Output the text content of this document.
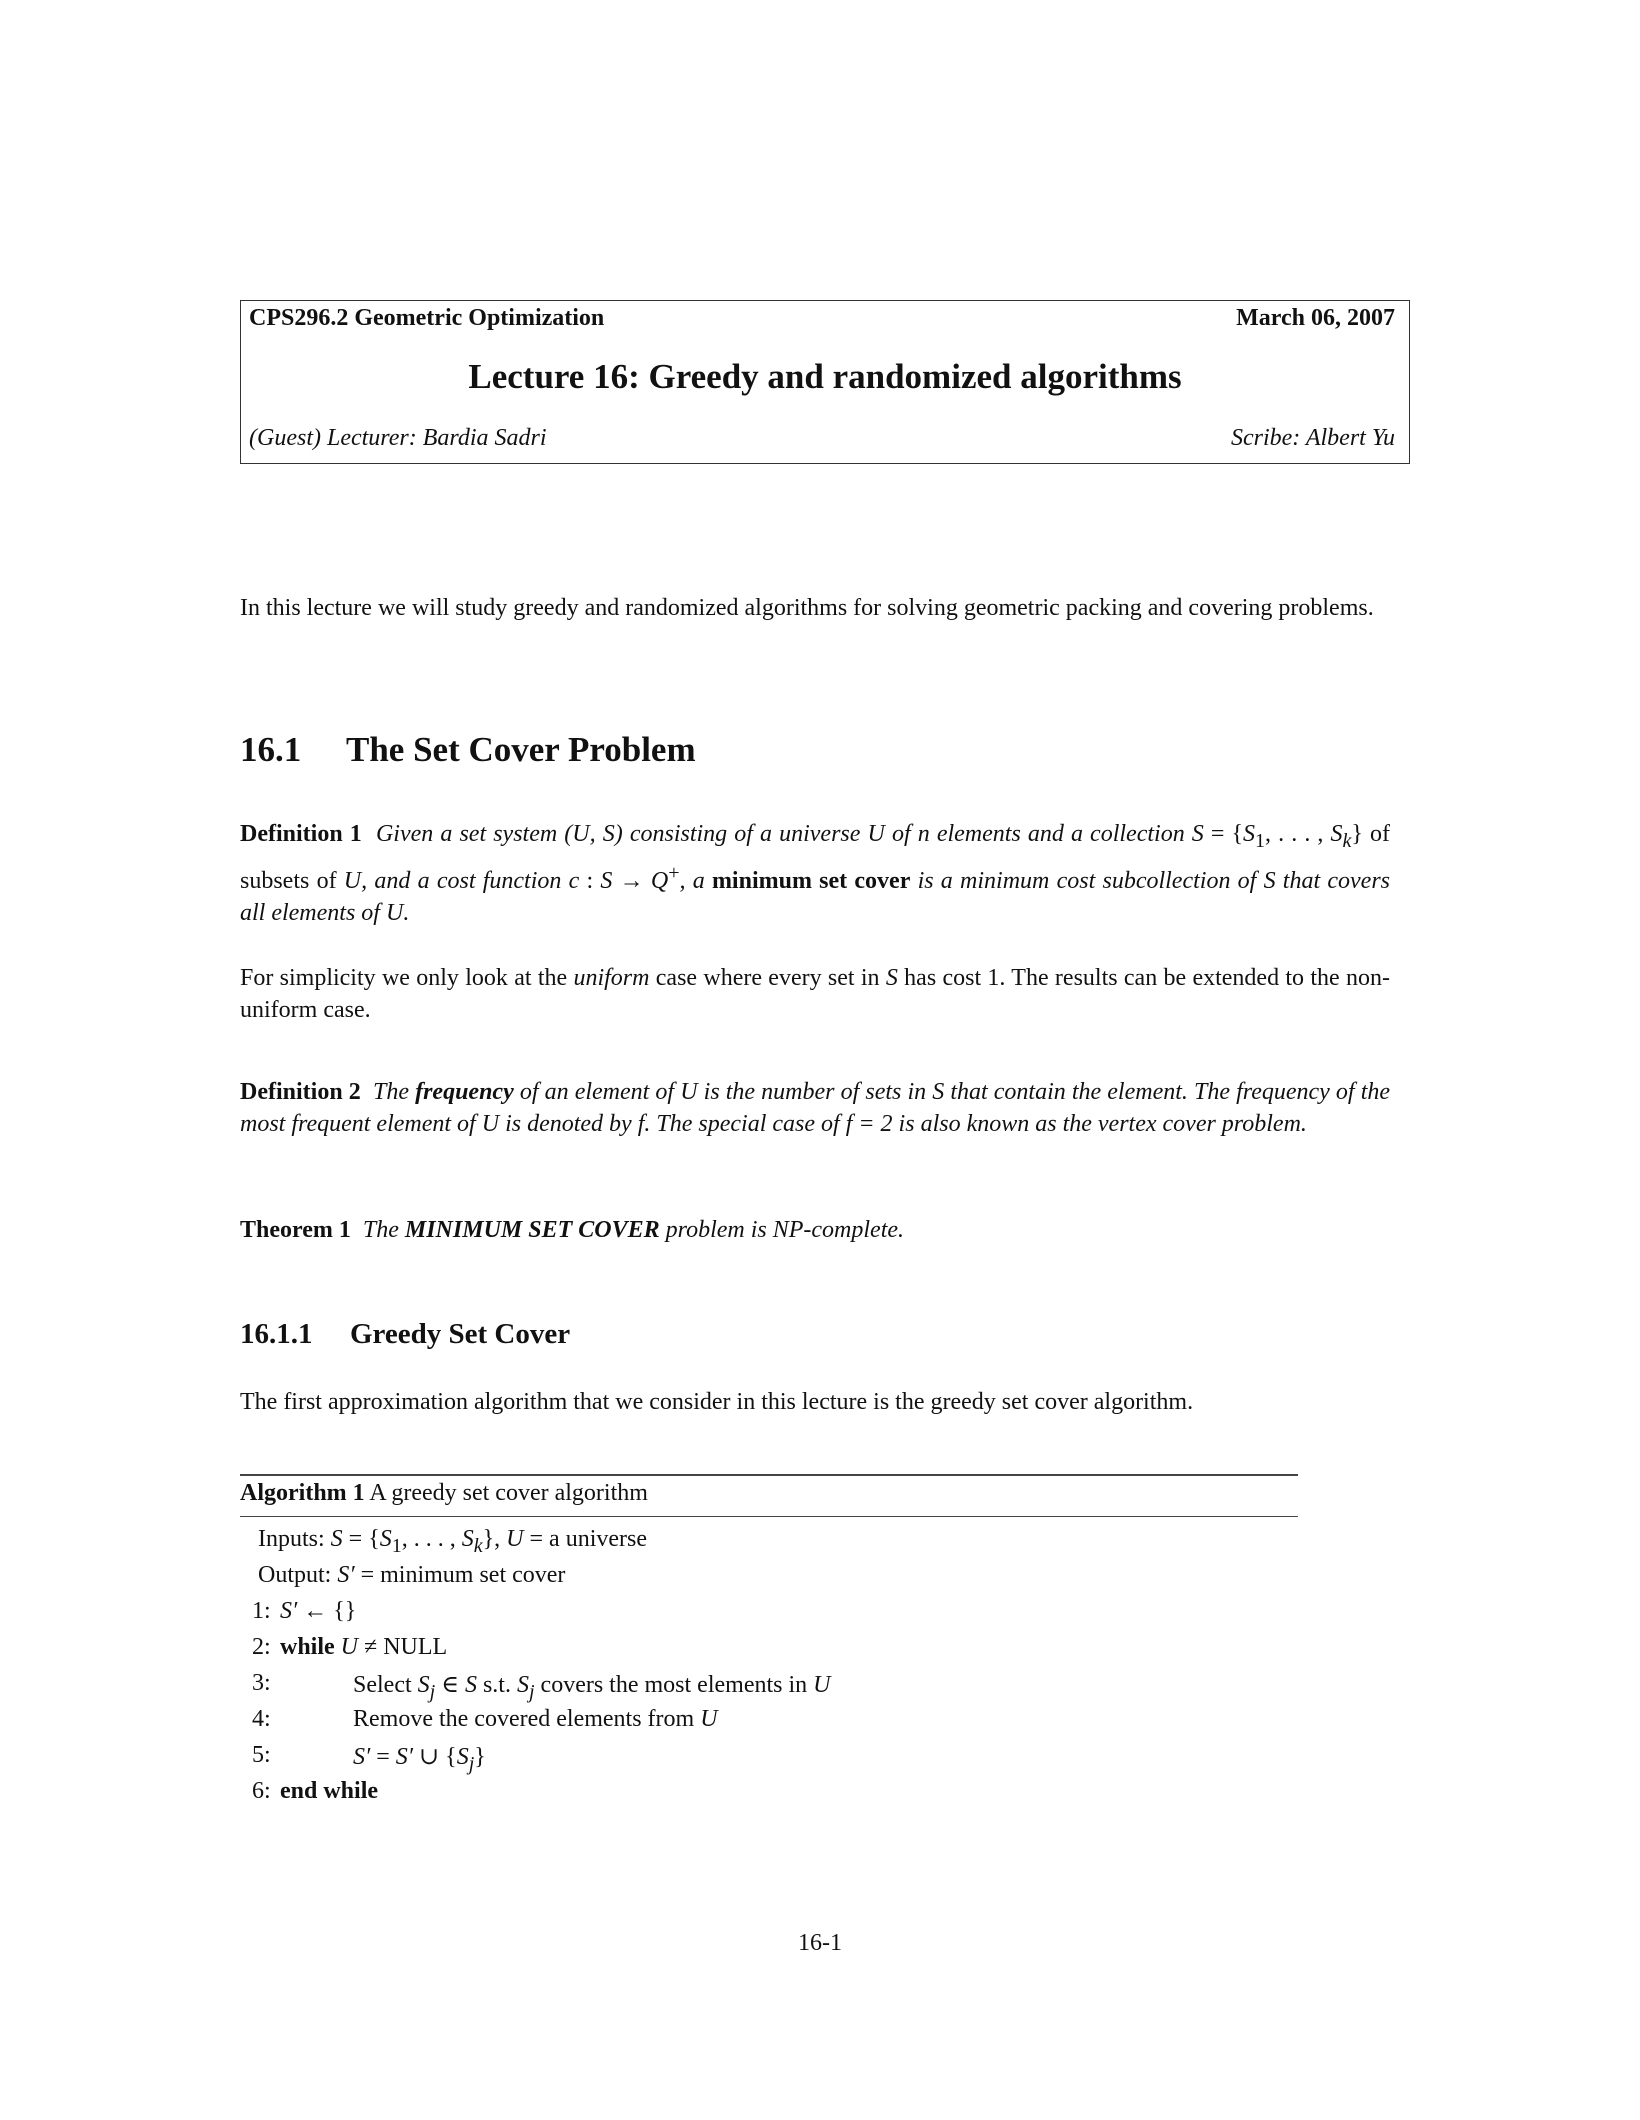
CPS296.2 Geometric Optimization	March 06, 2007
Lecture 16: Greedy and randomized algorithms
(Guest) Lecturer: Bardia Sadri	Scribe: Albert Yu
In this lecture we will study greedy and randomized algorithms for solving geometric packing and covering problems.
16.1 The Set Cover Problem
Definition 1 Given a set system (U, S) consisting of a universe U of n elements and a collection $S = \{S_1$, . . . , $S_k$} of subsets of U, and a cost function c : S → Q+, a minimum set cover is a minimum cost subcollection of S that covers all elements of U.
For simplicity we only look at the uniform case where every set in S has cost 1. The results can be extended to the non-uniform case.
Definition 2 The frequency of an element of U is the number of sets in S that contain the element. The frequency of the most frequent element of U is denoted by f. The special case of f = 2 is also known as the vertex cover problem.
Theorem 1 The MINIMUM SET COVER problem is NP-complete.
16.1.1 Greedy Set Cover
The first approximation algorithm that we consider in this lecture is the greedy set cover algorithm.
Algorithm 1 A greedy set cover algorithm
Inputs: $S = \{S_1$, . . . , $S_k$}, U = a universe
Output: S′ = minimum set cover
1: S′ ← {}
2: while U ≠ NULL
3:	Select $S_j$ ∈ S s.t. $S_j$ covers the most elements in U
4:	Remove the covered elements from U
5:	S′ = S′ ∪ $\{S_j\}$
6: end while
16-1
